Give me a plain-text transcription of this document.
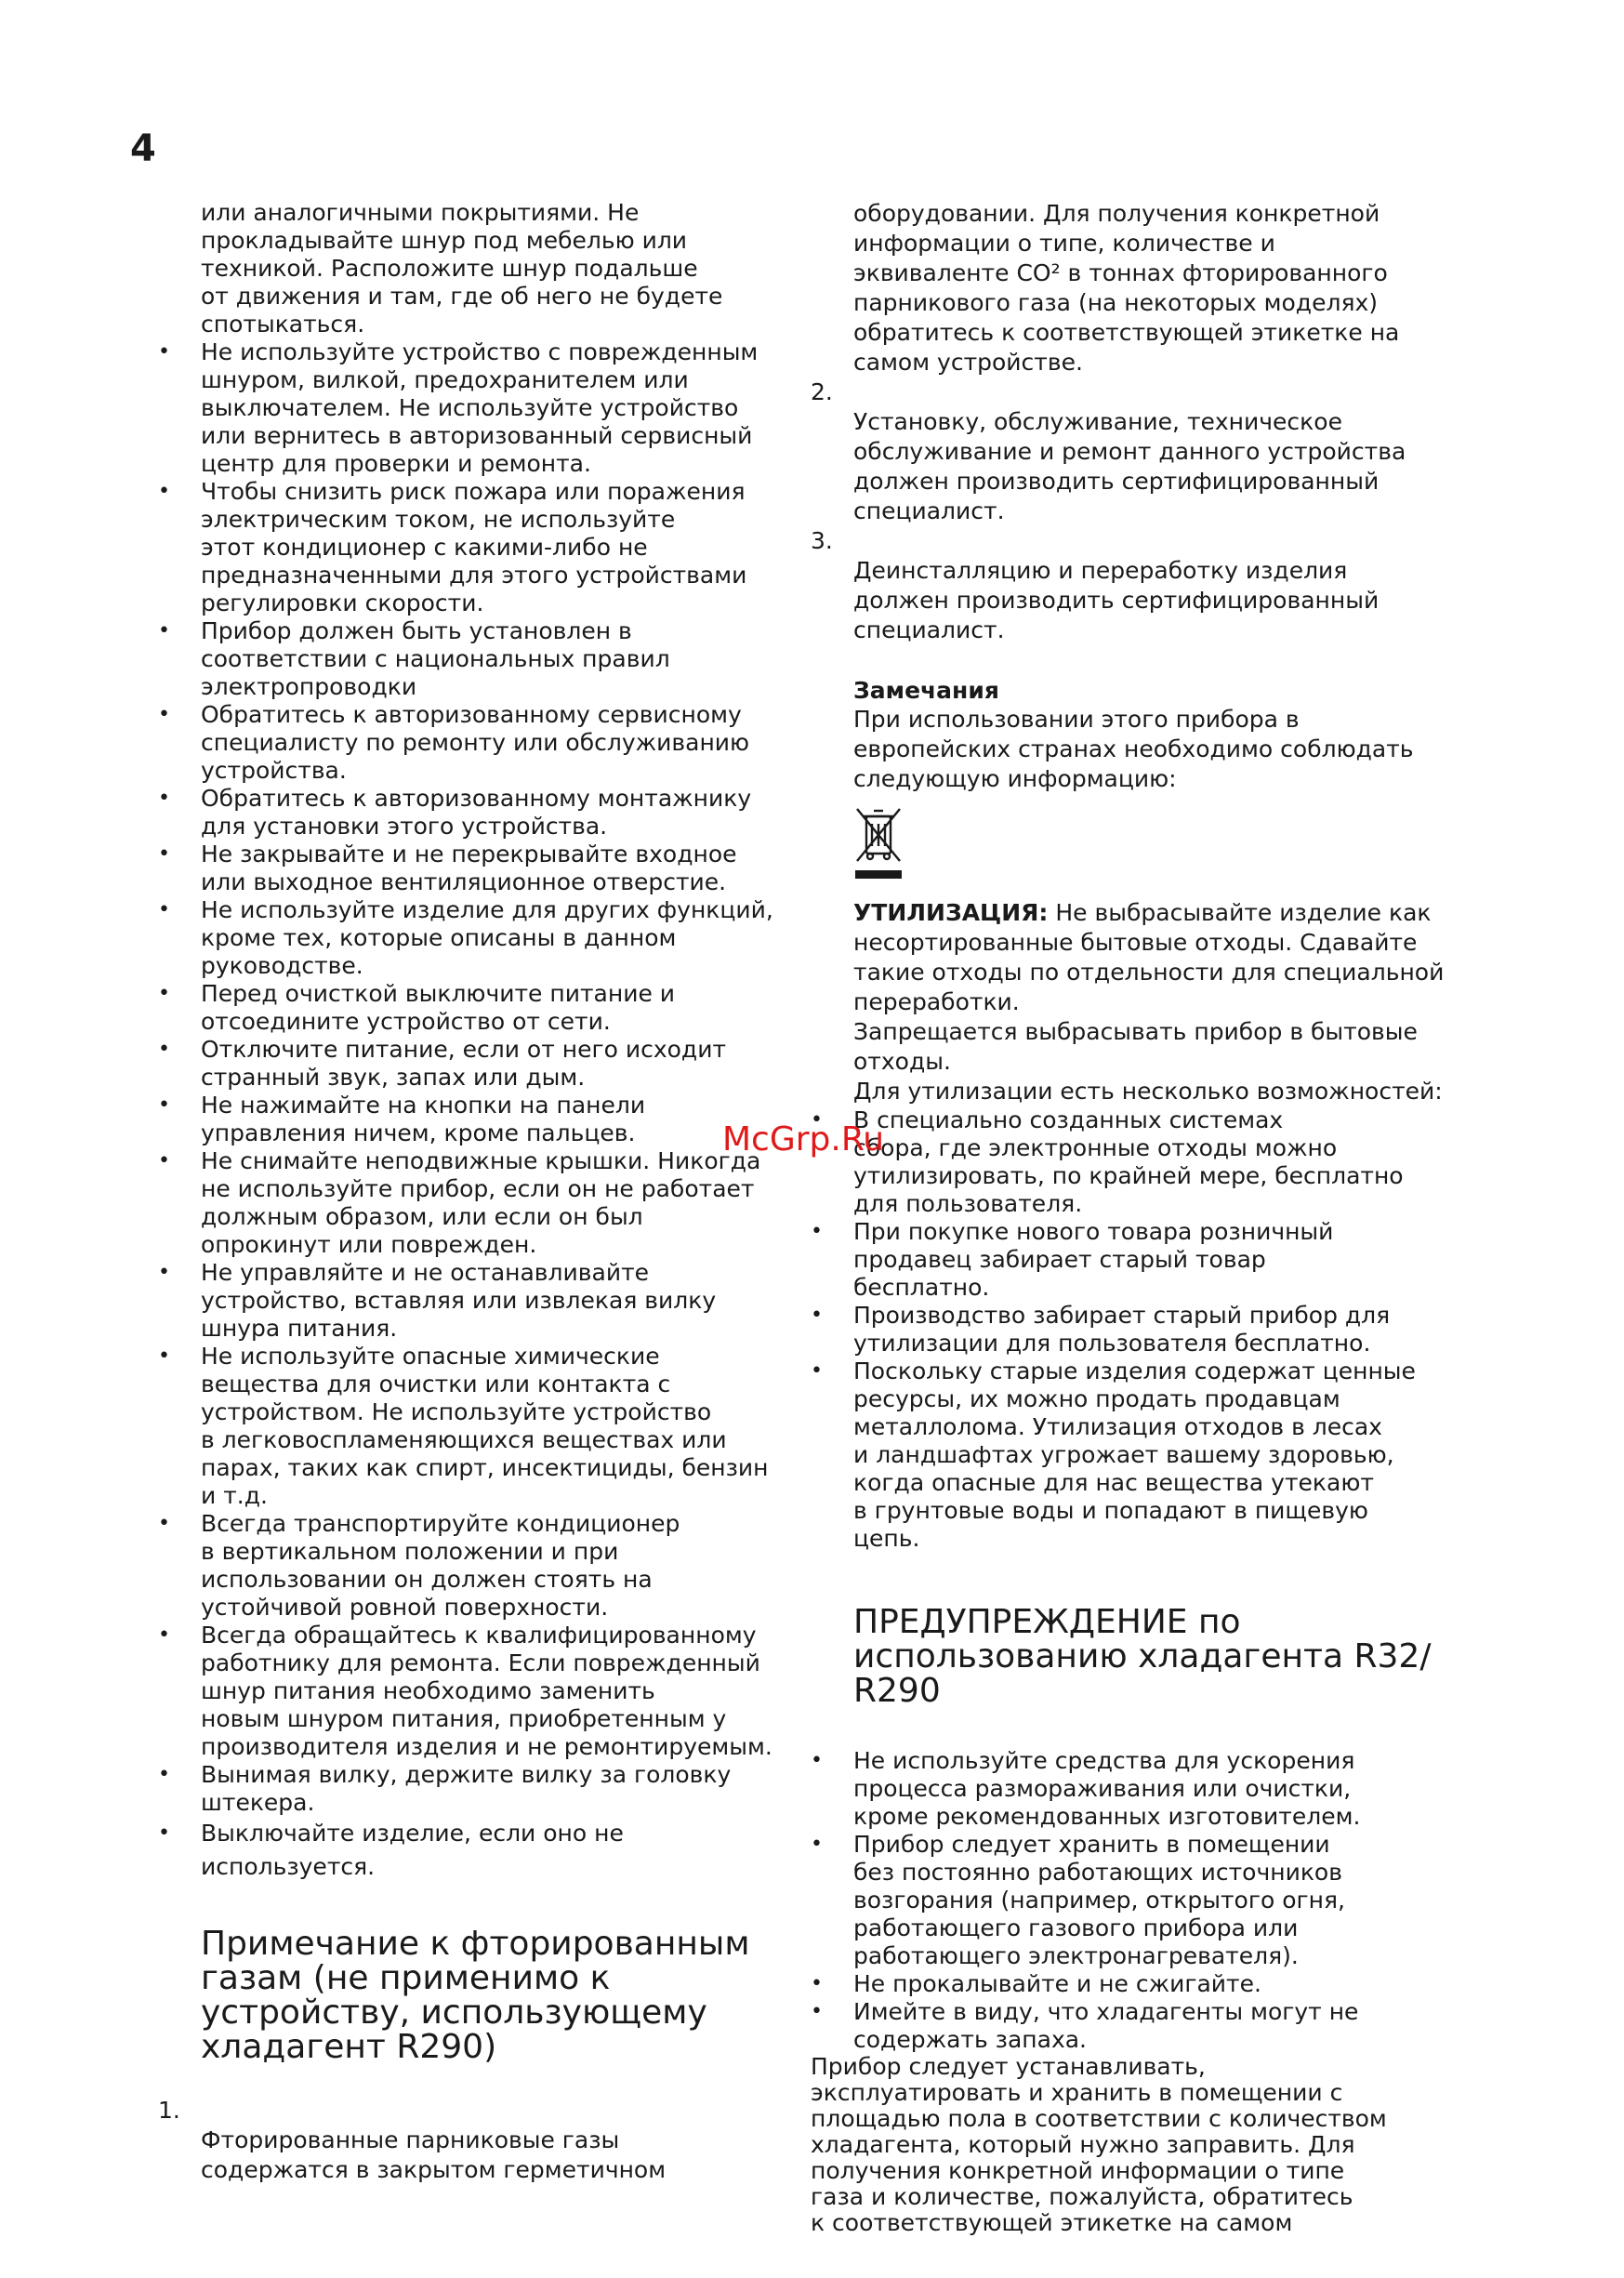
4

или аналогичными покрытиями. Не
прокладывайте шнур под мебелью или
техникой. Расположите шнур подальше
от движения и там, где об него не будете
спотыкаться.

• Не используйте устройство с поврежденным
шнуром, вилкой, предохранителем или
выключателем. Не используйте устройство
или вернитесь в авторизованный сервисный
центр для проверки и ремонта.
• Чтобы снизить риск пожара или поражения
электрическим током, не используйте
этот кондиционер с какими-либо не
предназначенными для этого устройствами
регулировки скорости.
• Прибор должен быть установлен в
соответствии с национальных правил
электропроводки
• Обратитесь к авторизованному сервисному
специалисту по ремонту или обслуживанию
устройства.
• Обратитесь к авторизованному монтажнику
для установки этого устройства.
• Не закрывайте и не перекрывайте входное
или выходное вентиляционное отверстие.
• Не используйте изделие для других функций,
кроме тех, которые описаны в данном
руководстве.
• Перед очисткой выключите питание и
отсоедините устройство от сети.
• Отключите питание, если от него исходит
странный звук, запах или дым.
• Не нажимайте на кнопки на панели
управления ничем, кроме пальцев.
• Не снимайте неподвижные крышки. Никогда
не используйте прибор, если он не работает
должным образом, или если он был
опрокинут или поврежден.
• Не управляйте и не останавливайте
устройство, вставляя или извлекая вилку
шнура питания.
• Не используйте опасные химические
вещества для очистки или контакта с
устройством. Не используйте устройство
в легковоспламеняющихся веществах или
парах, таких как спирт, инсектициды, бензин
и т.д.
• Всегда транспортируйте кондиционер
в вертикальном положении и при
использовании он должен стоять на
устойчивой ровной поверхности.
• Всегда обращайтесь к квалифицированному
работнику для ремонта. Если поврежденный
шнур питания необходимо заменить
новым шнуром питания, приобретенным у
производителя изделия и не ремонтируемым.
• Вынимая вилку, держите вилку за головку
штекера.
• Выключайте изделие, если оно не
используется.
Примечание к фторированным
газам (не применимо к
устройству, использующему
хладагент R290)

1.
Фторированные парниковые газы
содержатся в закрытом герметичном

оборудовании. Для получения конкретной
информации о типе, количестве и
эквиваленте CO² в тоннах фторированного
парникового газа (на некоторых моделях)
обратитесь к соответствующей этикетке на
самом устройстве.

2.
Установку, обслуживание, техническое
обслуживание и ремонт данного устройства
должен производить сертифицированный
специалист.

3.
Деинсталляцию и переработку изделия
должен производить сертифицированный
специалист.

Замечания

При использовании этого прибора в
европейских странах необходимо соблюдать
следующую информацию:

УТИЛИЗАЦИЯ: Не выбрасывайте изделие как
несортированные бытовые отходы. Сдавайте
такие отходы по отдельности для специальной
переработки.

Запрещается выбрасывать прибор в бытовые
отходы.

Для утилизации есть несколько возможностей:

• В специально созданных системах
сбора, где электронные отходы можно
утилизировать, по крайней мере, бесплатно
для пользователя.
• При покупке нового товара розничный
продавец забирает старый товар
бесплатно.
• Производство забирает старый прибор для
утилизации для пользователя бесплатно.
• Поскольку старые изделия содержат ценные
ресурсы, их можно продать продавцам
металлолома. Утилизация отходов в лесах
и ландшафтах угрожает вашему здоровью,
когда опасные для нас вещества утекают
в грунтовые воды и попадают в пищевую
цепь.
ПРЕДУПРЕЖДЕНИЕ по
использованию хладагента R32/
R290
• Не используйте средства для ускорения
процесса размораживания или очистки,
кроме рекомендованных изготовителем.
• Прибор следует хранить в помещении
без постоянно работающих источников
возгорания (например, открытого огня,
работающего газового прибора или
работающего электронагревателя).
• Не прокалывайте и не сжигайте.
• Имейте в виду, что хладагенты могут не
содержать запаха.

Прибор следует устанавливать,
эксплуатировать и хранить в помещении с
площадью пола в соответствии с количеством
хладагента, который нужно заправить. Для
получения конкретной информации о типе
газа и количестве, пожалуйста, обратитесь
к соответствующей этикетке на самом

McGrp.Ru
